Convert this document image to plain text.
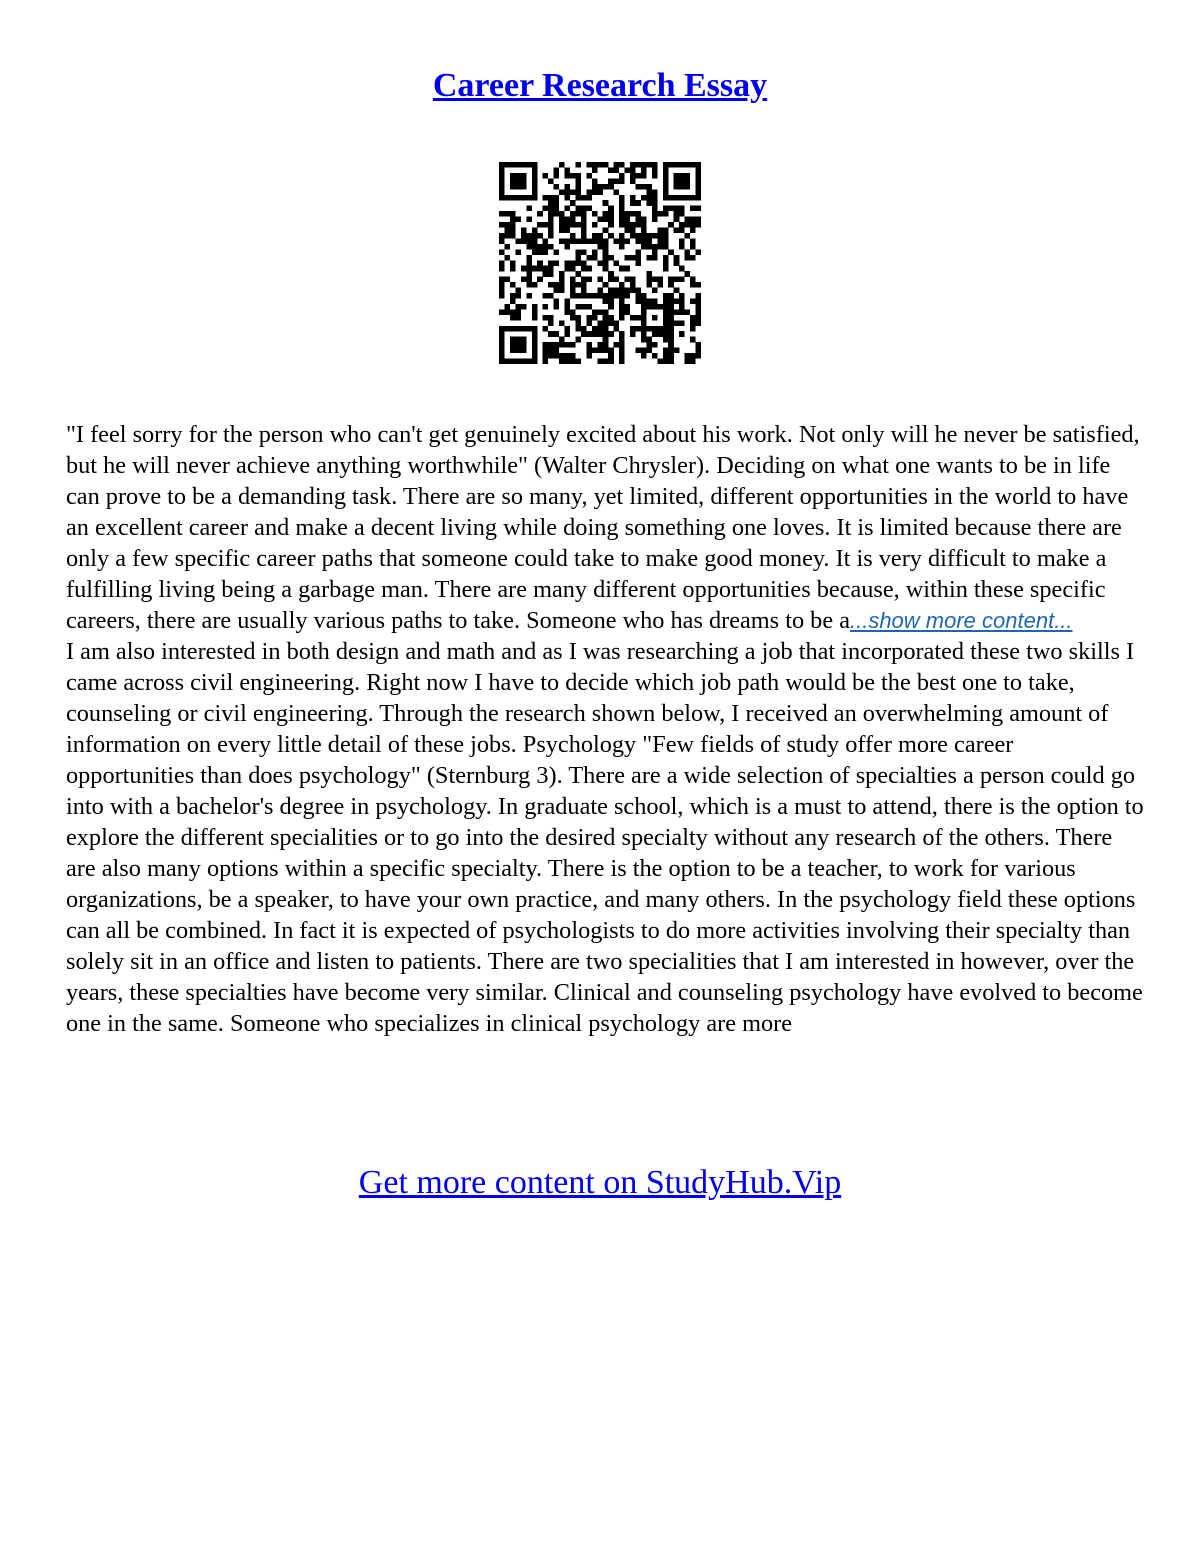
Career Research Essay

"I feel sorry for the person who can't get genuinely excited about his work. Not only will he never be satisfied, but he will never achieve anything worthwhile" (Walter Chrysler). Deciding on what one wants to be in life can prove to be a demanding task. There are so many, yet limited, different opportunities in the world to have an excellent career and make a decent living while doing something one loves. It is limited because there are only a few specific career paths that someone could take to make good money. It is very difficult to make a fulfilling living being a garbage man. There are many different opportunities because, within these specific careers, there are usually various paths to take. Someone who has dreams to be a...show more content...

I am also interested in both design and math and as I was researching a job that incorporated these two skills I came across civil engineering. Right now I have to decide which job path would be the best one to take, counseling or civil engineering. Through the research shown below, I received an overwhelming amount of information on every little detail of these jobs. Psychology "Few fields of study offer more career opportunities than does psychology" (Sternburg 3). There are a wide selection of specialties a person could go into with a bachelor's degree in psychology. In graduate school, which is a must to attend, there is the option to explore the different specialities or to go into the desired specialty without any research of the others. There are also many options within a specific specialty. There is the option to be a teacher, to work for various organizations, be a speaker, to have your own practice, and many others. In the psychology field these options can all be combined. In fact it is expected of psychologists to do more activities involving their specialty than solely sit in an office and listen to patients. There are two specialities that I am interested in however, over the years, these specialties have become very similar. Clinical and counseling psychology have evolved to become one in the same. Someone who specializes in clinical psychology are more

Get more content on StudyHub.Vip
